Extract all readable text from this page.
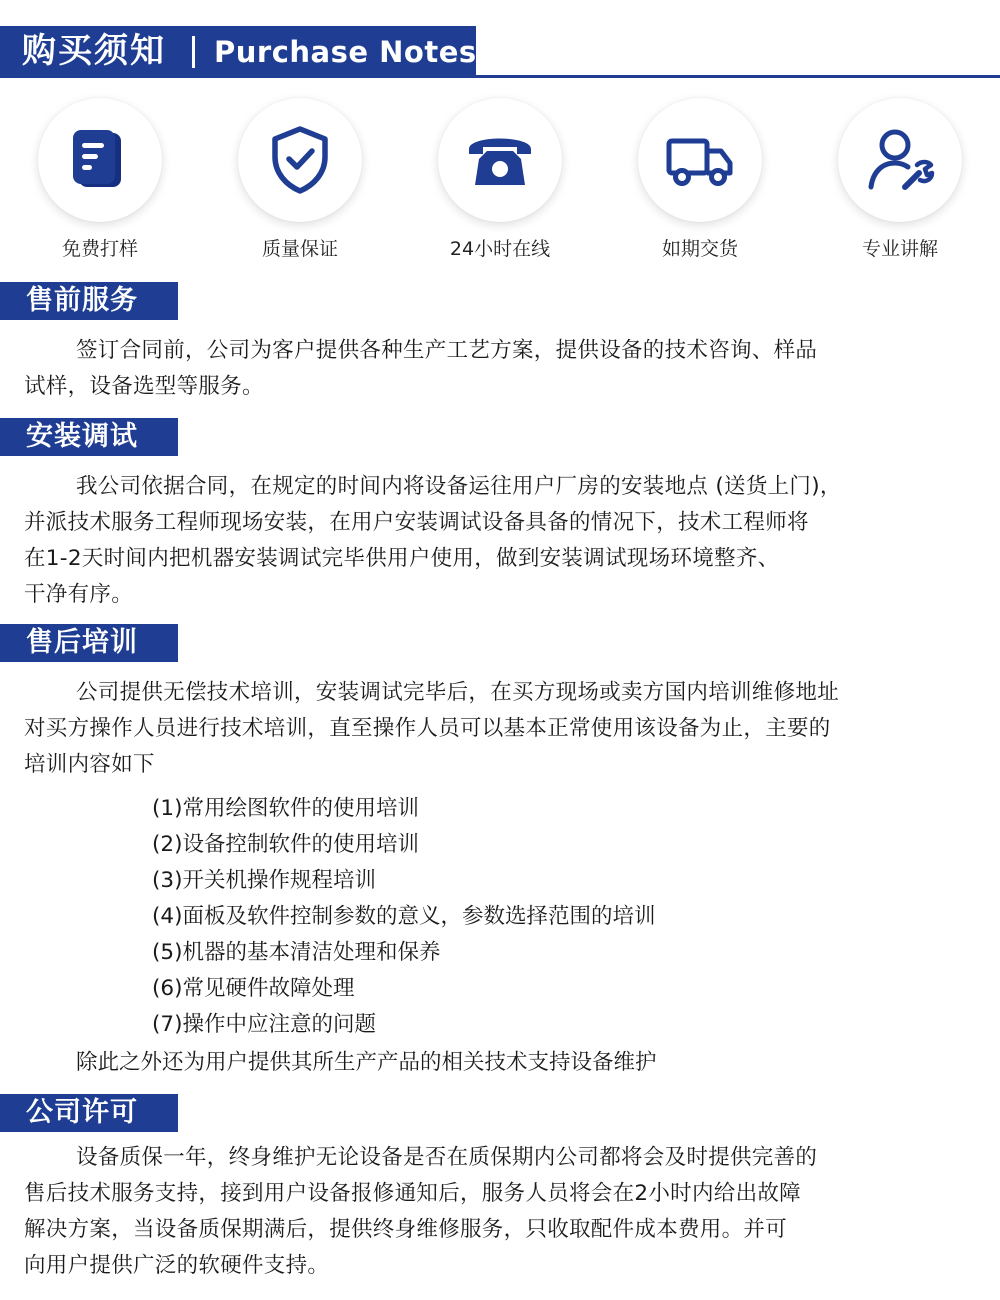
购买须知 Purchase Notes
免费打样	质量保证	24小时在线	如期交货	专业讲解
售前服务
签订合同前，公司为客户提供各种生产工艺方案，提供设备的技术咨询、样品
试样，设备选型等服务。
安装调试
我公司依据合同，在规定的时间内将设备运往用户厂房的安装地点 (送货上门)，
并派技术服务工程师现场安装，在用户安装调试设备具备的情况下，技术工程师将
在1-2天时间内把机器安装调试完毕供用户使用，做到安装调试现场环境整齐、
干净有序。
售后培训
公司提供无偿技术培训，安装调试完毕后，在买方现场或卖方国内培训维修地址
对买方操作人员进行技术培训，直至操作人员可以基本正常使用该设备为止，主要的
培训内容如下
(1)常用绘图软件的使用培训
(2)设备控制软件的使用培训
(3)开关机操作规程培训
(4)面板及软件控制参数的意义，参数选择范围的培训
(5)机器的基本清洁处理和保养
(6)常见硬件故障处理
(7)操作中应注意的问题
除此之外还为用户提供其所生产产品的相关技术支持设备维护
公司许可
设备质保一年，终身维护无论设备是否在质保期内公司都将会及时提供完善的
售后技术服务支持，接到用户设备报修通知后，服务人员将会在2小时内给出故障
解决方案，当设备质保期满后，提供终身维修服务，只收取配件成本费用。并可
向用户提供广泛的软硬件支持。
